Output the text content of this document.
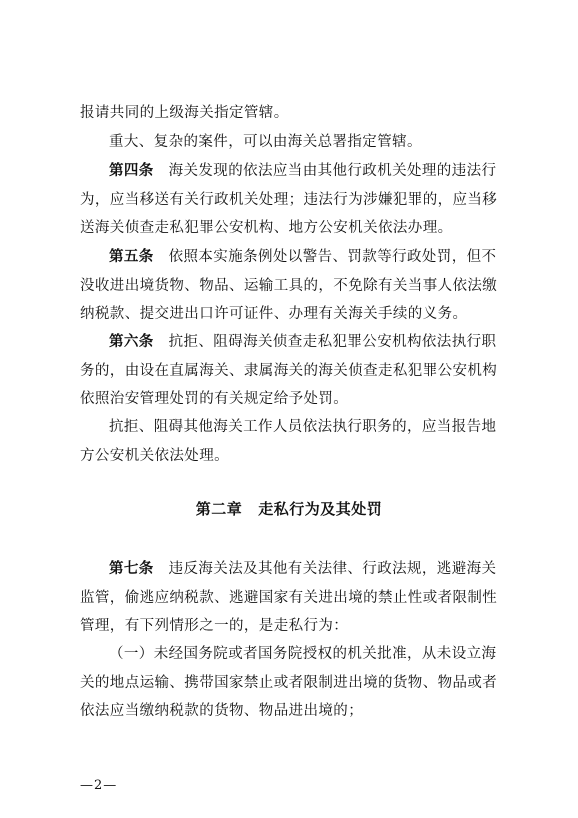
报请共同的上级海关指定管辖。

重大、复杂的案件，可以由海关总署指定管辖。

第四条　 海关发现的依法应当由其他行政机关处理的违法行为，应当移送有关行政机关处理；违法行为涉嫌犯罪的，应当移送海关侦查走私犯罪公安机构、地方公安机关依法办理。

第五条　 依照本实施条例处以警告、罚款等行政处罚，但不没收进出境货物、物品、运输工具的，不免除有关当事人依法缴纳税款、提交进出口许可证件、办理有关海关手续的义务。

第六条　 抗拒、阻碍海关侦查走私犯罪公安机构依法执行职务的，由设在直属海关、隶属海关的海关侦查走私犯罪公安机构依照治安管理处罚的有关规定给予处罚。

抗拒、阻碍其他海关工作人员依法执行职务的，应当报告地方公安机关依法处理。

第二章 走私行为及其处罚

第七条　 违反海关法及其他有关法律、行政法规，逃避海关监管，偷逃应纳税款、逃避国家有关进出境的禁止性或者限制性管理，有下列情形之一的，是走私行为：

（一）未经国务院或者国务院授权的机关批准，从未设立海关的地点运输、携带国家禁止或者限制进出境的货物、物品或者依法应当缴纳税款的货物、物品进出境的；

—2—
